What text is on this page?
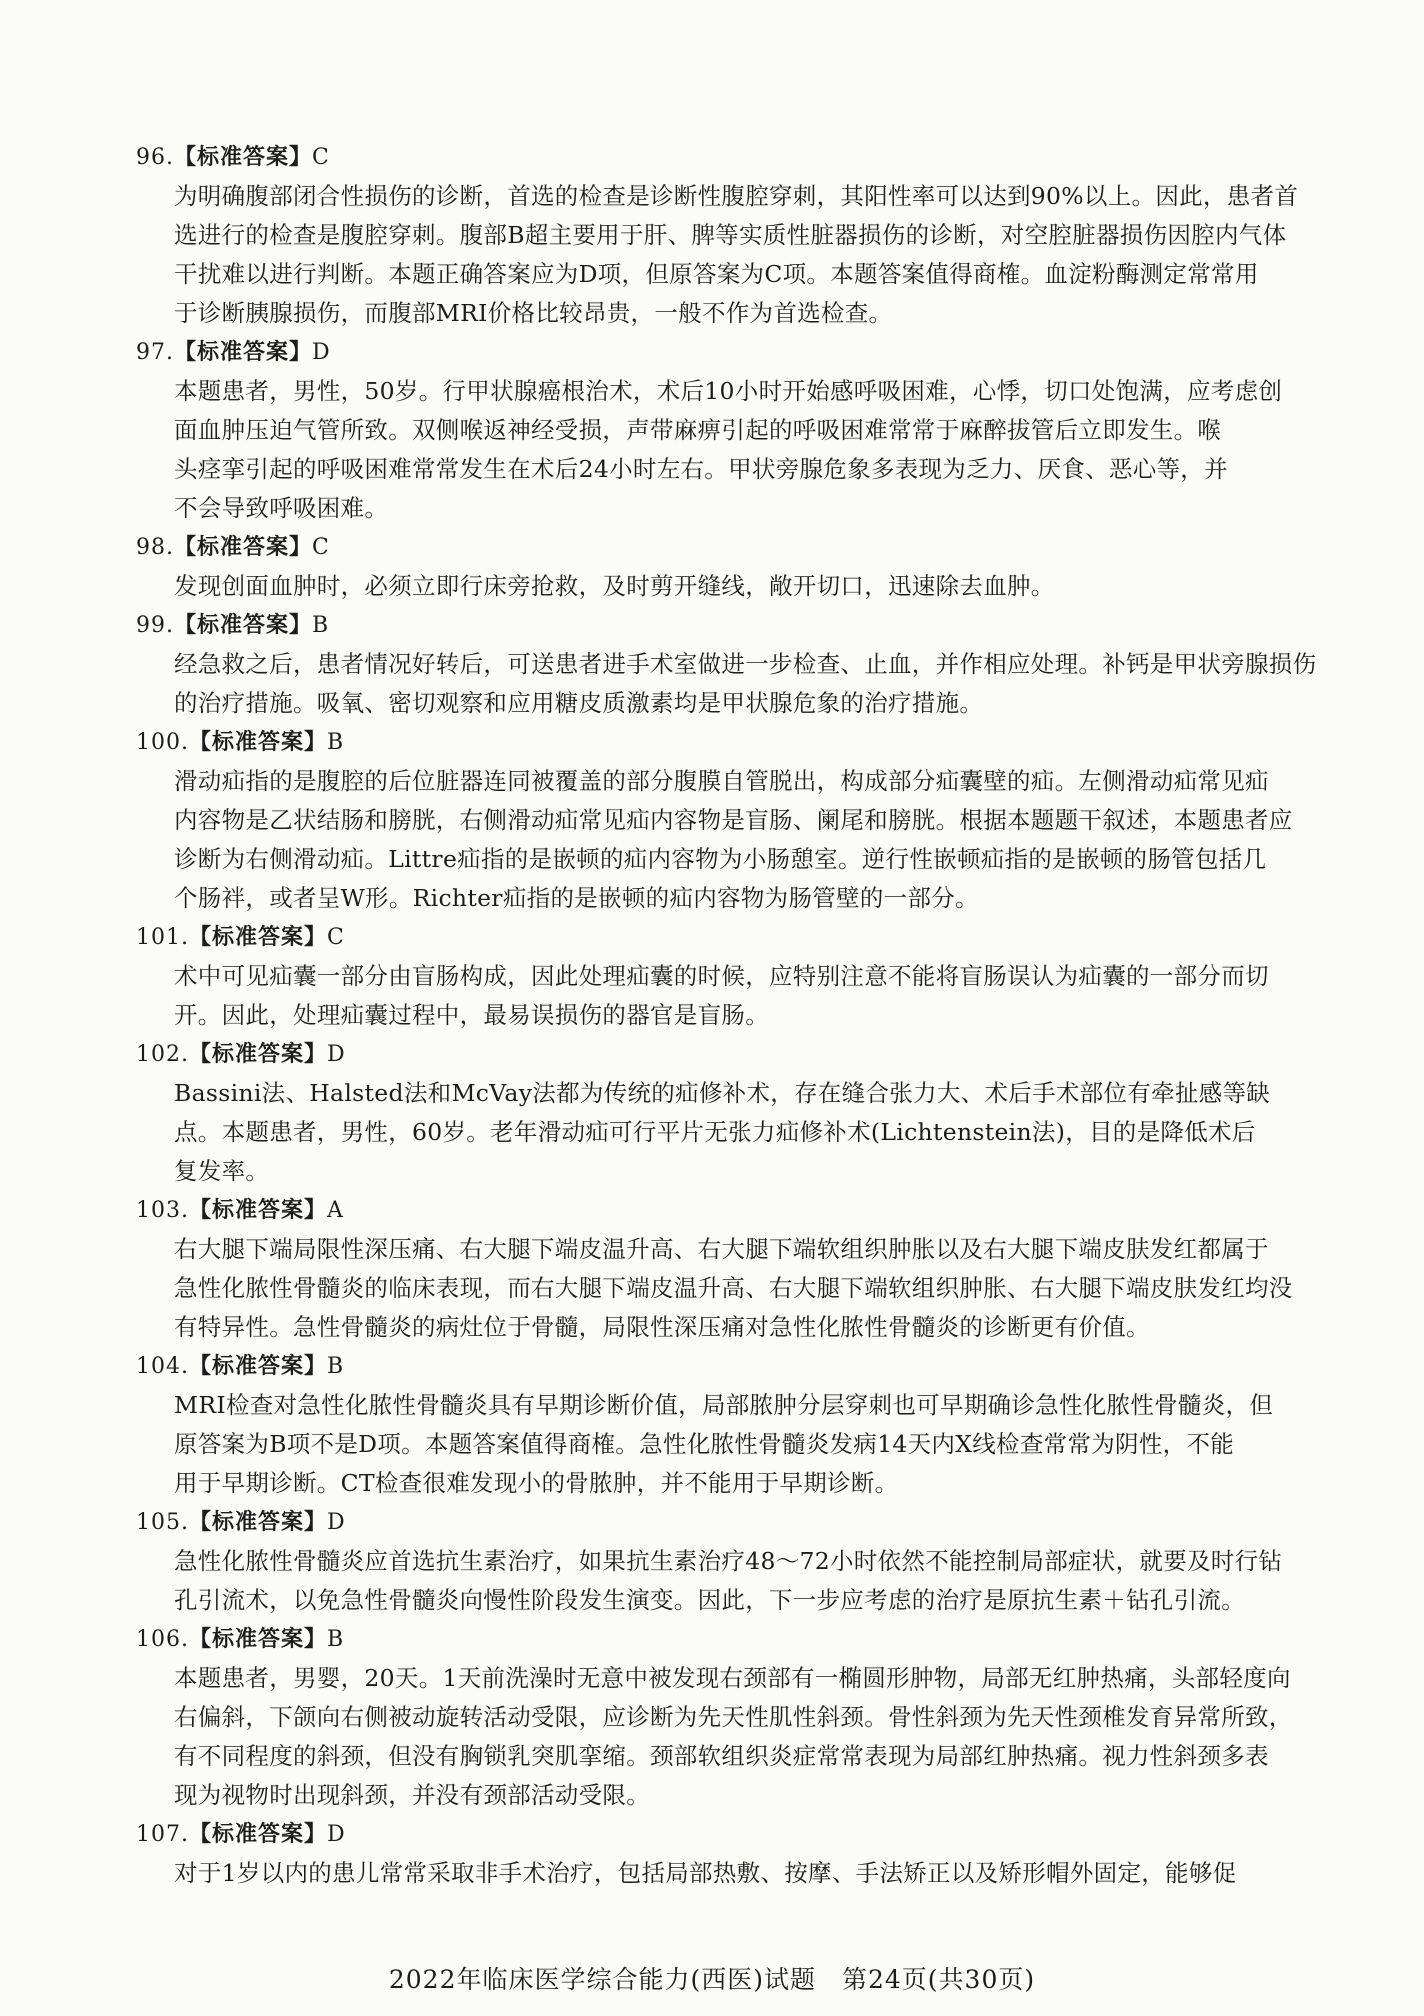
96.【标准答案】C
为明确腹部闭合性损伤的诊断，首选的检查是诊断性腹腔穿刺，其阳性率可以达到90%以上。因此，患者首
选进行的检查是腹腔穿刺。腹部B超主要用于肝、脾等实质性脏器损伤的诊断，对空腔脏器损伤因腔内气体
干扰难以进行判断。本题正确答案应为D项，但原答案为C项。本题答案值得商榷。血淀粉酶测定常常用
于诊断胰腺损伤，而腹部MRI价格比较昂贵，一般不作为首选检查。
97.【标准答案】D
本题患者，男性，50岁。行甲状腺癌根治术，术后10小时开始感呼吸困难，心悸，切口处饱满，应考虑创
面血肿压迫气管所致。双侧喉返神经受损，声带麻痹引起的呼吸困难常常于麻醉拔管后立即发生。喉
头痉挛引起的呼吸困难常常发生在术后24小时左右。甲状旁腺危象多表现为乏力、厌食、恶心等，并
不会导致呼吸困难。
98.【标准答案】C
发现创面血肿时，必须立即行床旁抢救，及时剪开缝线，敞开切口，迅速除去血肿。
99.【标准答案】B
经急救之后，患者情况好转后，可送患者进手术室做进一步检查、止血，并作相应处理。补钙是甲状旁腺损伤
的治疗措施。吸氧、密切观察和应用糖皮质激素均是甲状腺危象的治疗措施。
100.【标准答案】B
滑动疝指的是腹腔的后位脏器连同被覆盖的部分腹膜自管脱出，构成部分疝囊壁的疝。左侧滑动疝常见疝
内容物是乙状结肠和膀胱，右侧滑动疝常见疝内容物是盲肠、阑尾和膀胱。根据本题题干叙述，本题患者应
诊断为右侧滑动疝。Littre疝指的是嵌顿的疝内容物为小肠憩室。逆行性嵌顿疝指的是嵌顿的肠管包括几
个肠袢，或者呈W形。Richter疝指的是嵌顿的疝内容物为肠管壁的一部分。
101.【标准答案】C
术中可见疝囊一部分由盲肠构成，因此处理疝囊的时候，应特别注意不能将盲肠误认为疝囊的一部分而切
开。因此，处理疝囊过程中，最易误损伤的器官是盲肠。
102.【标准答案】D
Bassini法、Halsted法和McVay法都为传统的疝修补术，存在缝合张力大、术后手术部位有牵扯感等缺
点。本题患者，男性，60岁。老年滑动疝可行平片无张力疝修补术(Lichtenstein法)，目的是降低术后
复发率。
103.【标准答案】A
右大腿下端局限性深压痛、右大腿下端皮温升高、右大腿下端软组织肿胀以及右大腿下端皮肤发红都属于
急性化脓性骨髓炎的临床表现，而右大腿下端皮温升高、右大腿下端软组织肿胀、右大腿下端皮肤发红均没
有特异性。急性骨髓炎的病灶位于骨髓，局限性深压痛对急性化脓性骨髓炎的诊断更有价值。
104.【标准答案】B
MRI检查对急性化脓性骨髓炎具有早期诊断价值，局部脓肿分层穿刺也可早期确诊急性化脓性骨髓炎，但
原答案为B项不是D项。本题答案值得商榷。急性化脓性骨髓炎发病14天内X线检查常常为阴性，不能
用于早期诊断。CT检查很难发现小的骨脓肿，并不能用于早期诊断。
105.【标准答案】D
急性化脓性骨髓炎应首选抗生素治疗，如果抗生素治疗48～72小时依然不能控制局部症状，就要及时行钻
孔引流术，以免急性骨髓炎向慢性阶段发生演变。因此，下一步应考虑的治疗是原抗生素＋钻孔引流。
106.【标准答案】B
本题患者，男婴，20天。1天前洗澡时无意中被发现右颈部有一椭圆形肿物，局部无红肿热痛，头部轻度向
右偏斜，下颌向右侧被动旋转活动受限，应诊断为先天性肌性斜颈。骨性斜颈为先天性颈椎发育异常所致，
有不同程度的斜颈，但没有胸锁乳突肌挛缩。颈部软组织炎症常常表现为局部红肿热痛。视力性斜颈多表
现为视物时出现斜颈，并没有颈部活动受限。
107.【标准答案】D
对于1岁以内的患儿常常采取非手术治疗，包括局部热敷、按摩、手法矫正以及矫形帽外固定，能够促
2022年临床医学综合能力(西医)试题　第24页(共30页)
